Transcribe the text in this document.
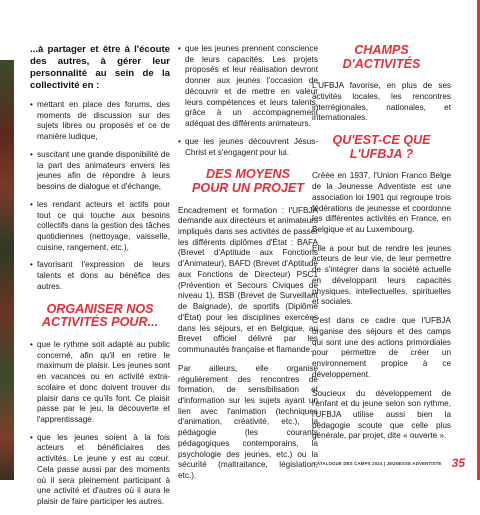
...à partager et être à l'écoute des autres, à gérer leur personnalité au sein de la collectivité en :

• mettant en place des forums, des moments de discussion sur des sujets libres ou proposés et ce de manière ludique,
• suscitant une grande disponibilité de la part des animateurs envers les jeunes afin de répondre à leurs besoins de dialogue et d'échange,
• les rendant acteurs et actifs pour tout ce qui touche aux besoins collectifs dans la gestion des tâches quotidiennes (nettoyage, vaisselle, cuisine, rangement, etc.),
• favorisant l'expression de leurs talents et dons au bénéfice des autres.
ORGANISER NOS
ACTIVITÉS POUR...
• que le rythme soit adapté au public concerné, afin qu'il en retire le maximum de plaisir. Les jeunes sont en vacances ou en activité extra-scolaire et donc doivent trouver du plaisir dans ce qu'ils font. Ce plaisir passe par le jeu, la découverte et l'apprentissage.
• que les jeunes soient à la fois acteurs et bénéficiaires des activités. Le jeune y est au cœur. Cela passe aussi par des moments où il sera pleinement participant à une activité et d'autres où il aura le plaisir de faire participer les autres.
• que les jeunes prennent conscience de leurs capacités. Les projets proposés et leur réalisation devront donner aux jeunes l'occasion de découvrir et de mettre en valeur leurs compétences et leurs talents, grâce à un accompagnement adéquat des différents animateurs.
• que les jeunes découvrent Jésus-Christ et s'engagent pour lui.
DES MOYENS
POUR UN PROJET

Encadrement et formation : l'UFBJA demande aux directeurs et animateurs impliqués dans ses activités de passer les différents diplômes d'État : BAFA (Brevet d'Aptitude aux Fonctions d'Animateur), BAFD (Brevet d'Aptitude aux Fonctions de Directeur) PSC1 (Prévention et Secours Civiques de niveau 1), BSB (Brevet de Surveillant de Baignade), de sportifs (Diplôme d'État) pour les disciplines exercées dans les séjours, et en Belgique, au Brevet officiel délivré par les communautés française et flamande.

Par ailleurs, elle organise régulièrement des rencontres de formation, de sensibilisation et d'information sur les sujets ayant un lien avec l'animation (techniques d'animation, créativité, etc.), la pédagogie (les courants pédagogiques contemporains, la psychologie des jeunes, etc.) ou la sécurité (maltraitance, législation, etc.).

CHAMPS
D'ACTIVITÉS

L'UFBJA favorise, en plus de ses activités locales, les rencontres interrégionales, nationales, et internationales.

QU'EST-CE QUE
L'UFBJA ?

Créée en 1937, l'Union Franco Belge de la Jeunesse Adventiste est une association loi 1901 qui regroupe trois fédérations de jeunesse et coordonne les différentes activités en France, en Belgique et au Luxembourg.

Elle a pour but de rendre les jeunes acteurs de leur vie, de leur permettre de s'intégrer dans la société actuelle en développant leurs capacités physiques, intellectuelles, spirituelles et sociales.

C'est dans ce cadre que l'UFBJA organise des séjours et des camps qui sont une des actions primordiales pour permettre de créer un environnement propice à ce développement.

Soucieux du développement de l'enfant et du jeune selon son rythme, l'UFBJA utilise aussi bien la pédagogie scoute que celle plus générale, par projet, dite « ouverte ».

CATALOGUE DES CAMPS 2024 | JEUNESSE ADVENTISTE 35
